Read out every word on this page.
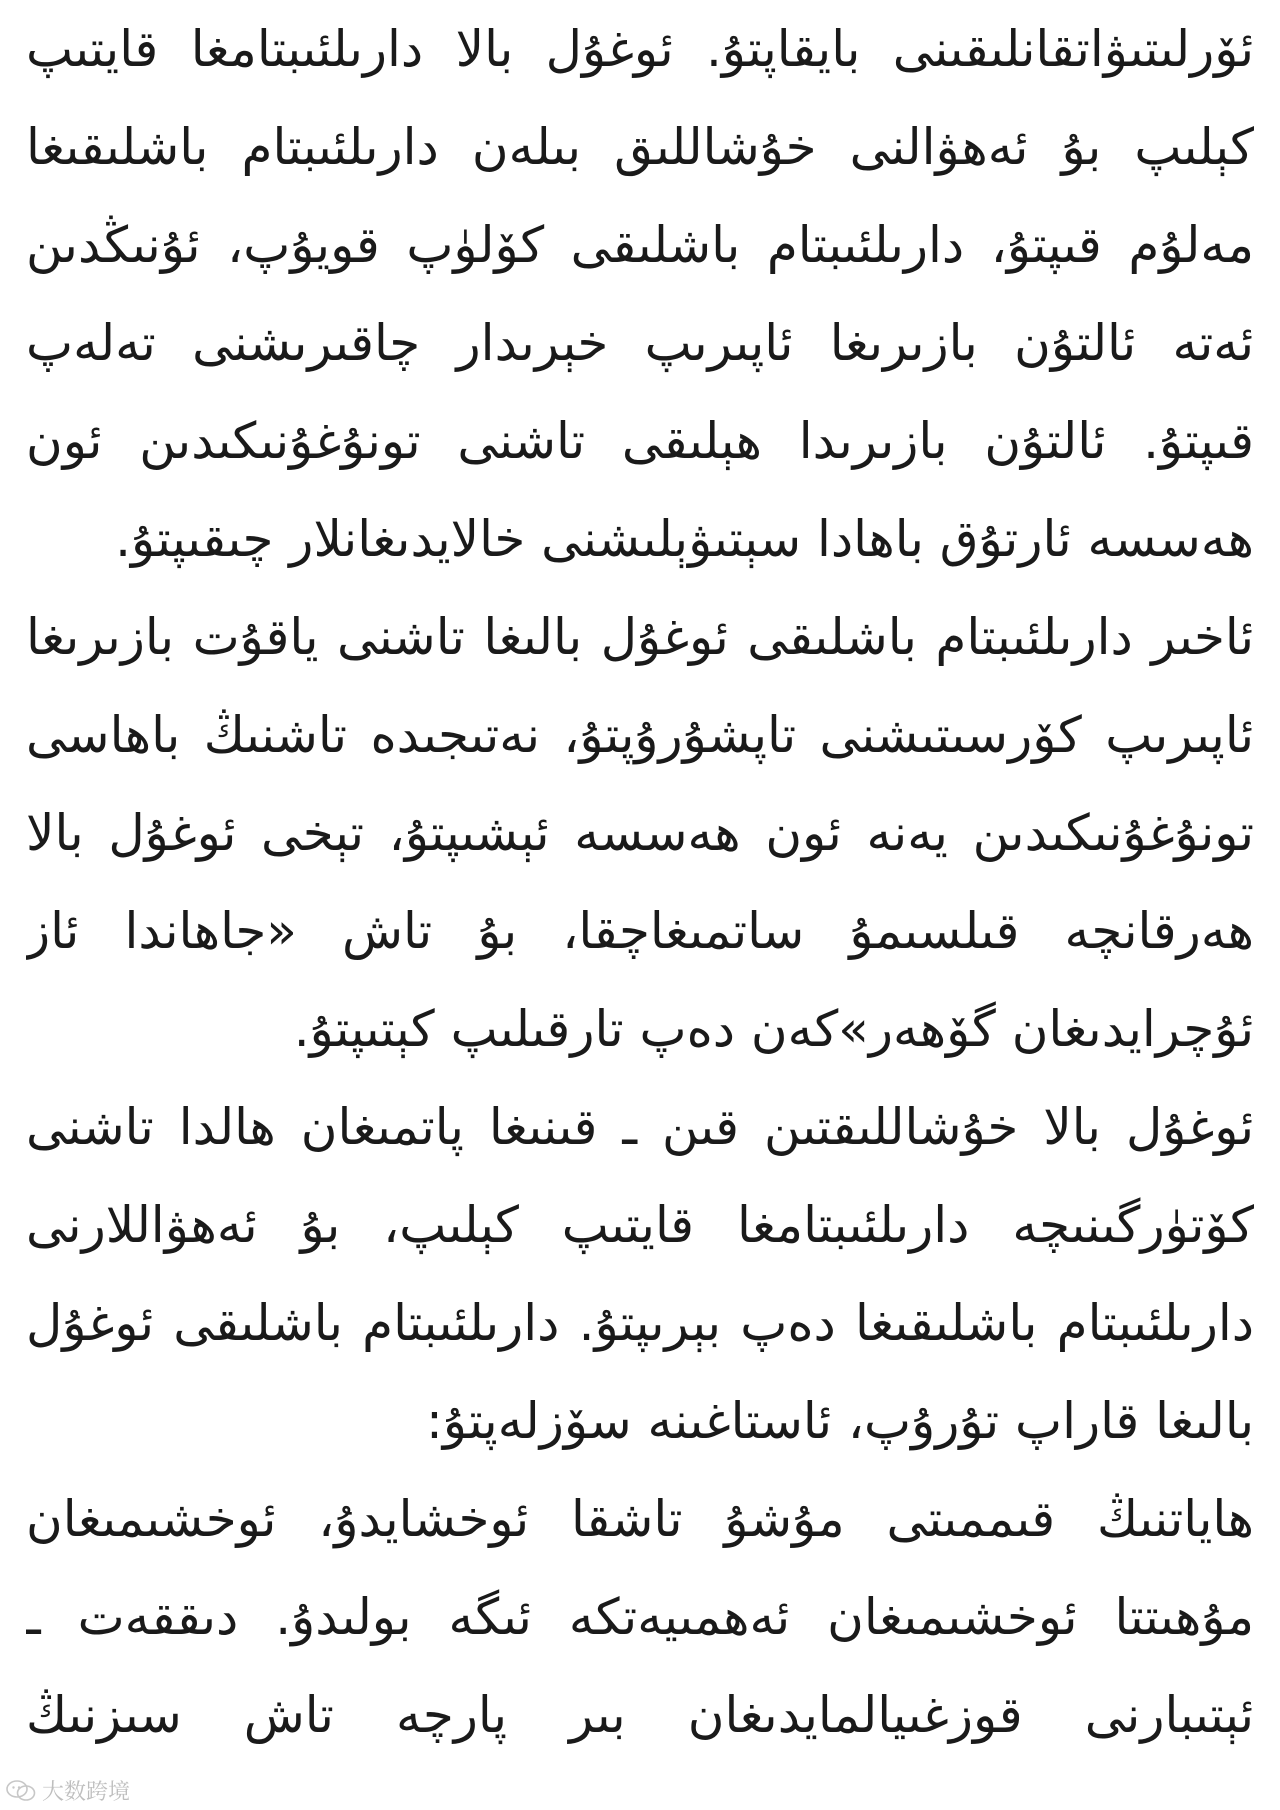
ئۆرلىتىۋاتقانلىقىنى بايقاپتۇ. ئوغۇل بالا دارىلئىبتامغا قايتىپ
كېلىپ بۇ ئەھۋالنى خۇشاللىق بىلەن دارىلئىبتام باشلىقىغا
مەلۇم قىپتۇ، دارىلئىبتام باشلىقى كۆلۈپ قويۇپ، ئۇنىڭدىن
ئەتە ئالتۇن بازىرىغا ئاپىرىپ خېرىدار چاقىرىشنى تەلەپ
قىپتۇ. ئالتۇن بازىرىدا ھېلىقى تاشنى تونۇغۇنىكىدىن ئون
ھەسسە ئارتۇق باھادا سېتىۋېلىشنى خالايدىغانلار چىقىپتۇ.
ئاخىر دارىلئىبتام باشلىقى ئوغۇل بالىغا تاشنى ياقۇت بازىرىغا
ئاپىرىپ كۆرسىتىشنى تاپشۇرۇپتۇ، نەتىجىدە تاشنىڭ باھاسى
تونۇغۇنىكىدىن يەنە ئون ھەسسە ئېشىپتۇ، تېخى ئوغۇل بالا
ھەرقانچە قىلسىمۇ ساتمىغاچقا، بۇ تاش «جاھاندا ئاز
ئۇچرايدىغان گۆھەر»كەن دەپ تارقىلىپ كېتىپتۇ.
ئوغۇل بالا خۇشاللىقتىن قىن ـ قىنىغا پاتمىغان ھالدا تاشنى
كۆتۈرگىنىچە دارىلئىبتامغا قايتىپ كېلىپ، بۇ ئەھۋاللارنى
دارىلئىبتام باشلىقىغا دەپ بېرىپتۇ. دارىلئىبتام باشلىقى ئوغۇل
بالىغا قاراپ تۇرۇپ، ئاستاغىنە سۆزلەپتۇ:
ھاياتنىڭ قىممىتى مۇشۇ تاشقا ئوخشايدۇ، ئوخشىمىغان
مۇھىتتا ئوخشىمىغان ئەھمىيەتكە ئىگە بولىدۇ. دىققەت ـ
ئېتىبارنى قوزغىيالمايدىغان بىر پارچە تاش سىزنىڭ
大数跨境
